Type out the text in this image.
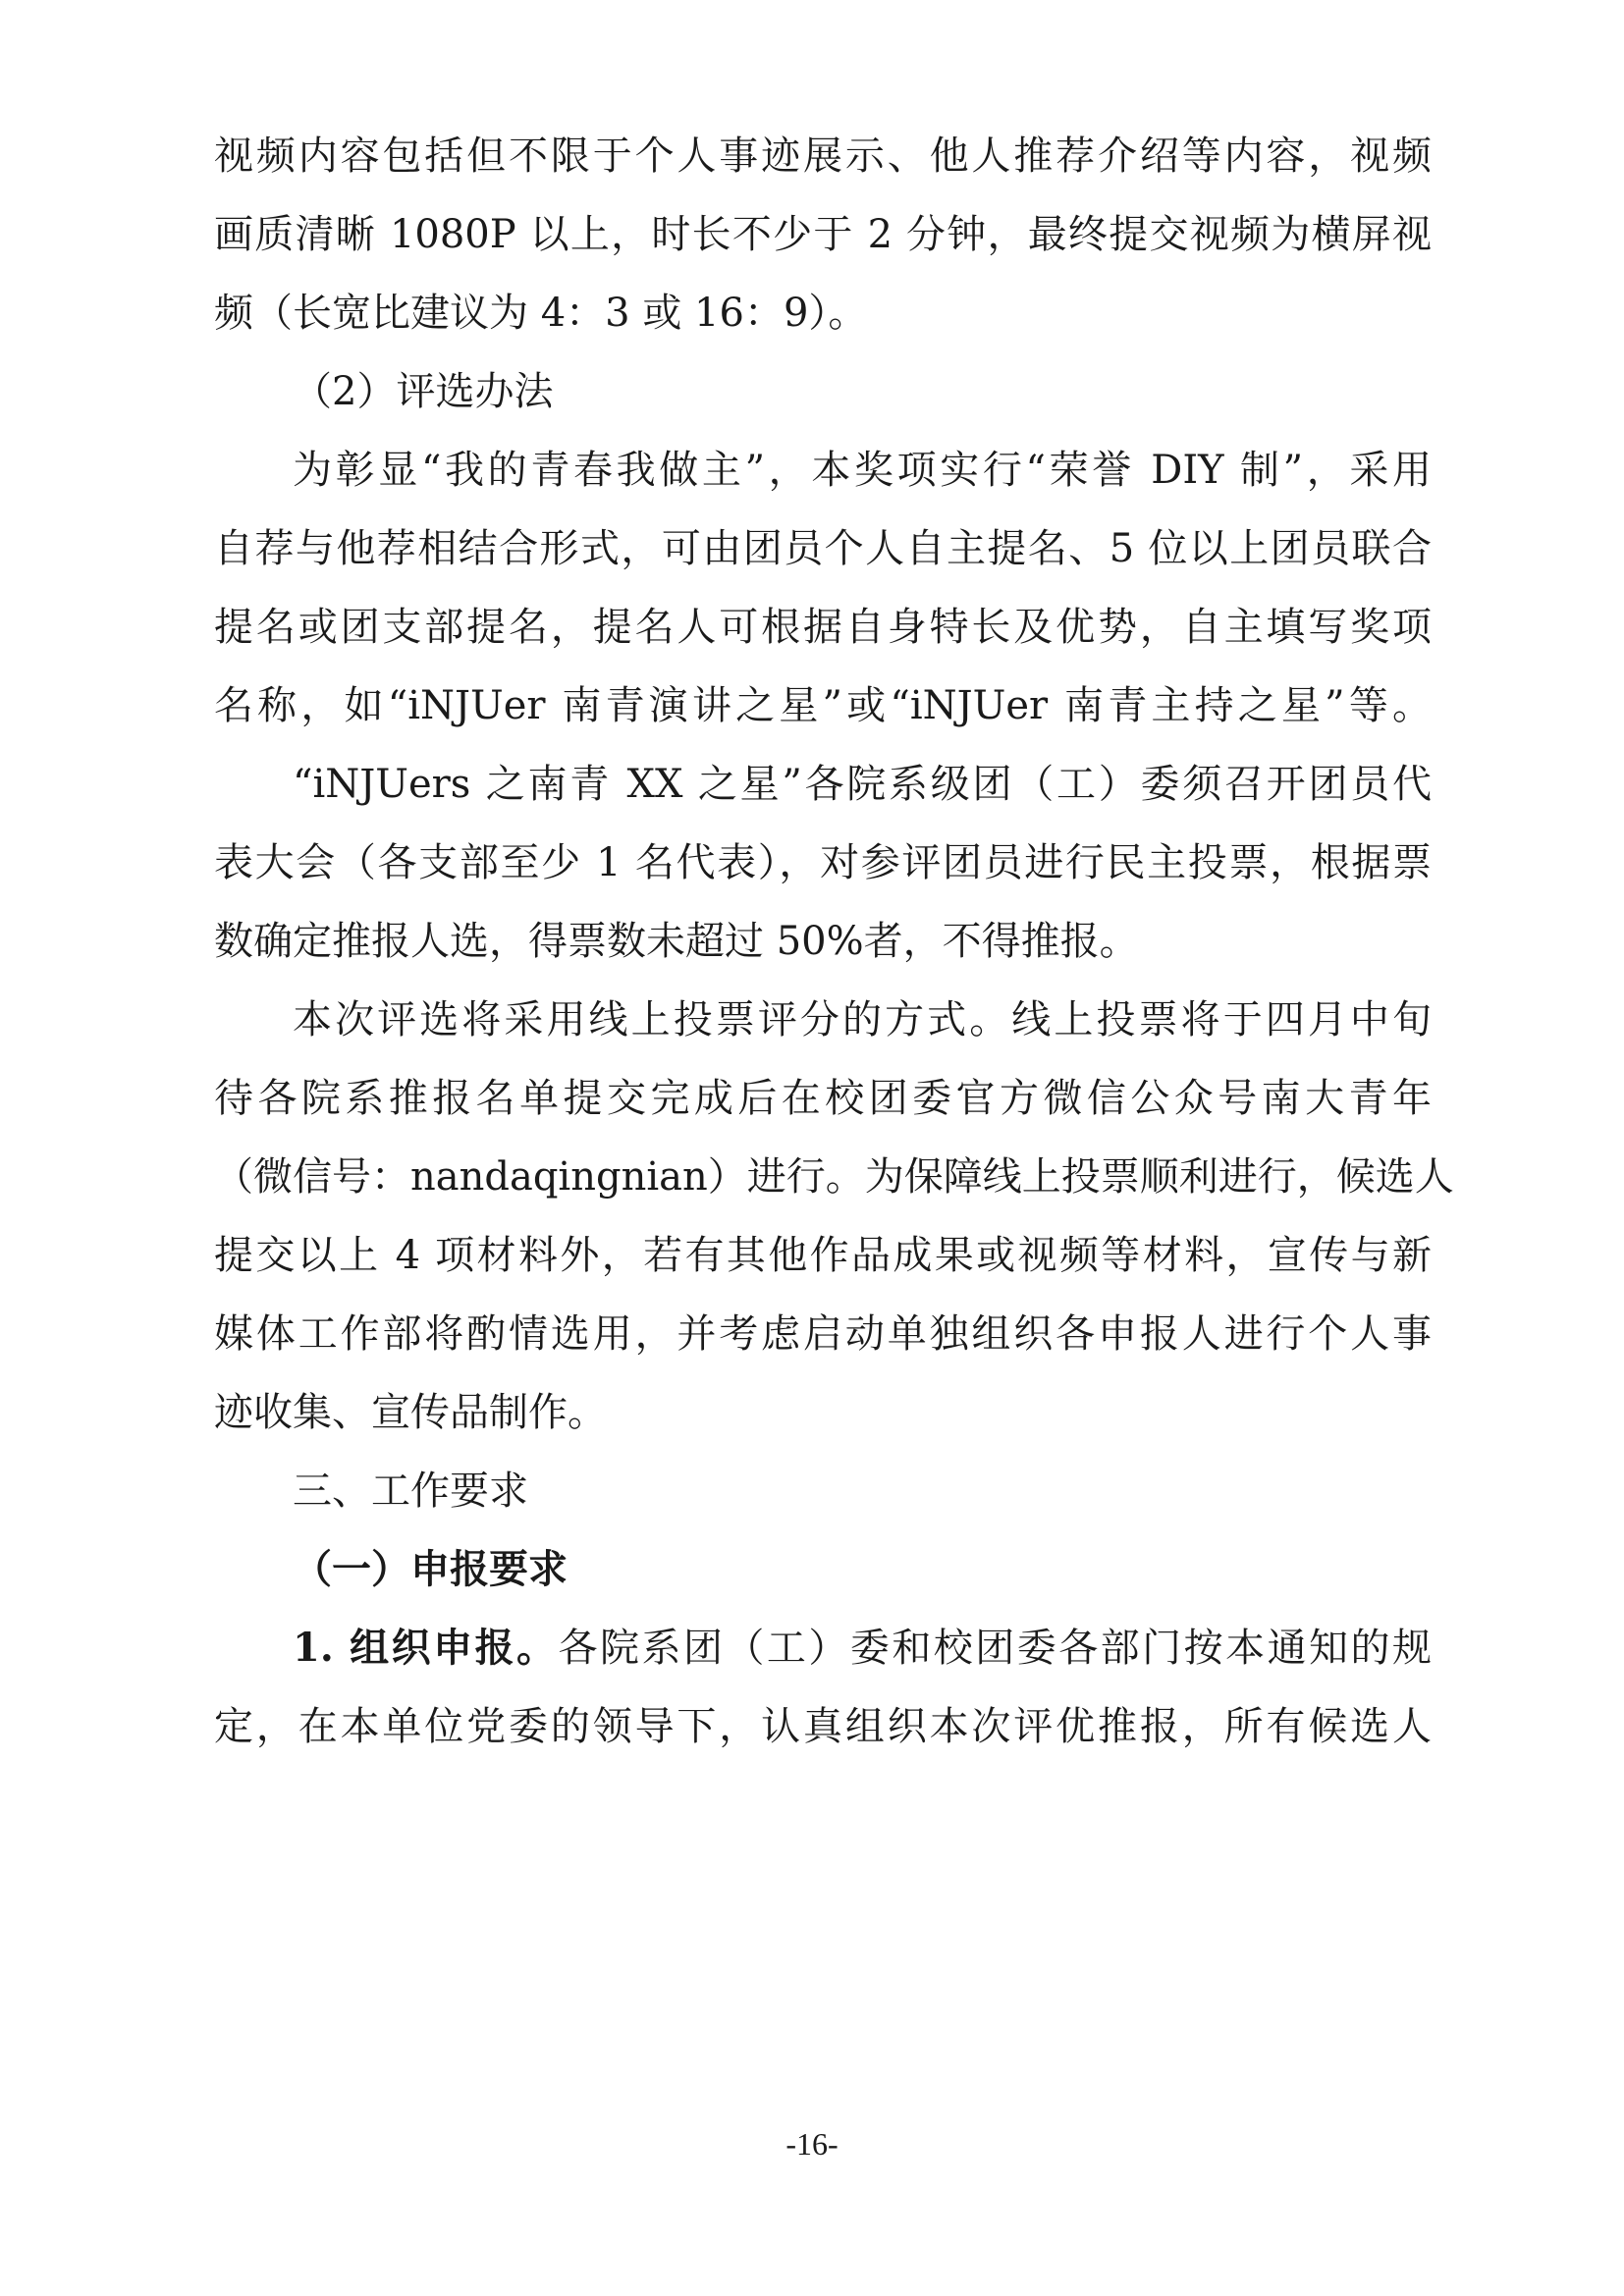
视频内容包括但不限于个人事迹展示、他人推荐介绍等内容，视频
画质清晰 1080P 以上，时长不少于 2 分钟，最终提交视频为横屏视
频（长宽比建议为 4：3 或 16：9）。
（2）评选办法
为彰显“我的青春我做主”，本奖项实行“荣誉 DIY 制”，采用
自荐与他荐相结合形式，可由团员个人自主提名、5 位以上团员联合
提名或团支部提名，提名人可根据自身特长及优势，自主填写奖项
名称，如“iNJUer 南青演讲之星”或“iNJUer 南青主持之星”等。
“iNJUers 之南青 XX 之星”各院系级团（工）委须召开团员代
表大会（各支部至少 1 名代表），对参评团员进行民主投票，根据票
数确定推报人选，得票数未超过 50%者，不得推报。
本次评选将采用线上投票评分的方式。线上投票将于四月中旬
待各院系推报名单提交完成后在校团委官方微信公众号南大青年
（微信号：nandaqingnian）进行。为保障线上投票顺利进行，候选人
提交以上 4 项材料外，若有其他作品成果或视频等材料，宣传与新
媒体工作部将酌情选用，并考虑启动单独组织各申报人进行个人事
迹收集、宣传品制作。
三、工作要求
（一）申报要求
1. 组织申报。各院系团（工）委和校团委各部门按本通知的规
定，在本单位党委的领导下，认真组织本次评优推报，所有候选人
-16-
